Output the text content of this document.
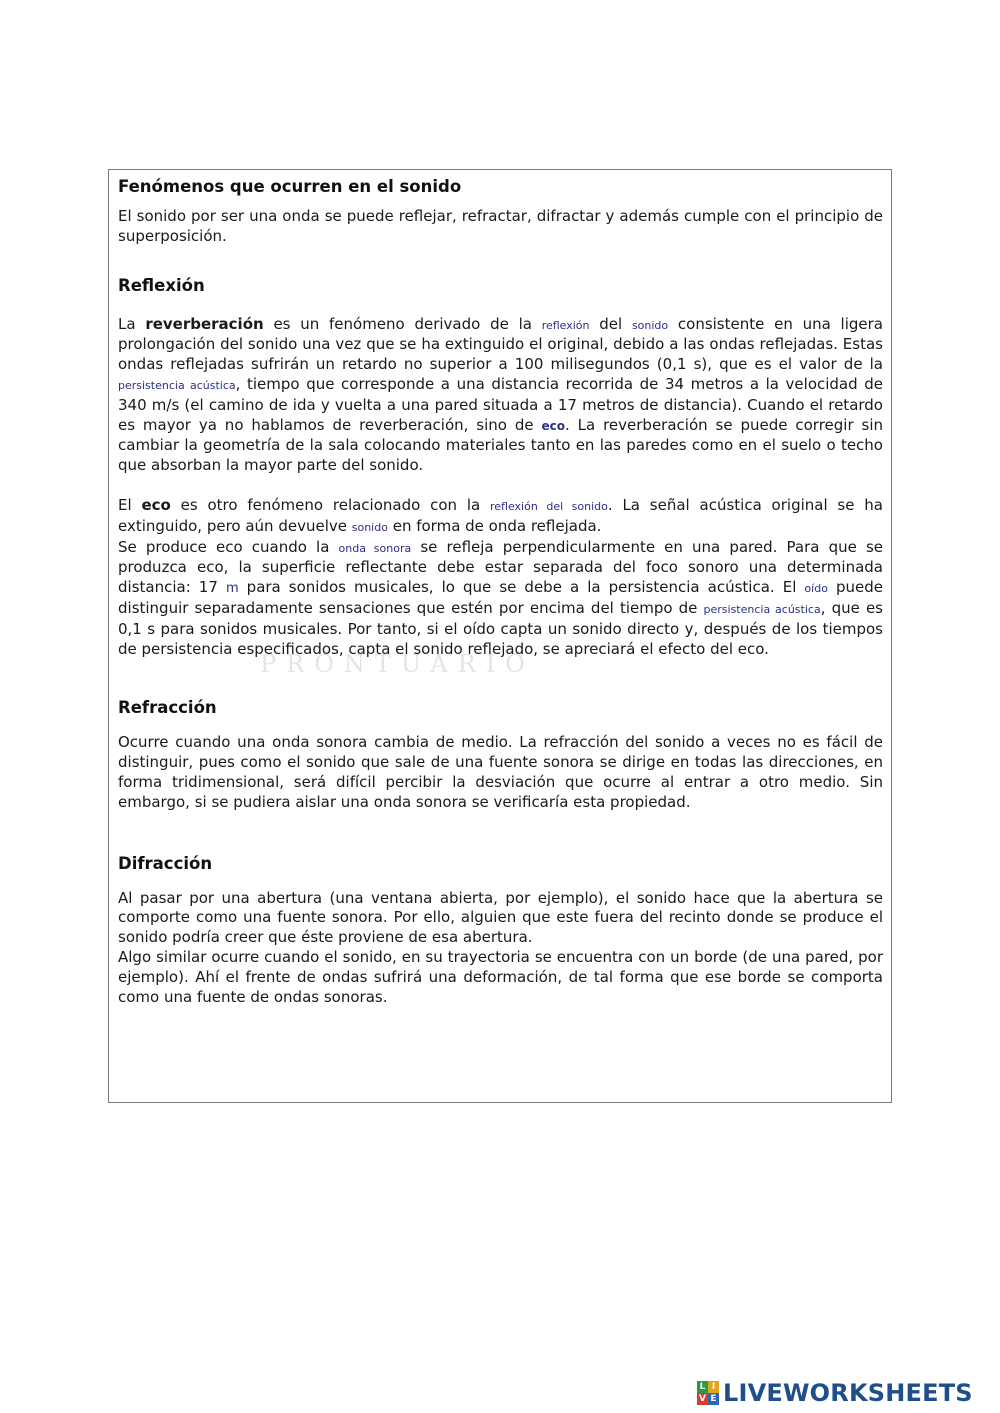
Fenómenos que ocurren en el sonido

El sonido por ser una onda se puede reflejar, refractar, difractar y además cumple con el principio de superposición.

Reflexión

La reverberación es un fenómeno derivado de la reflexión del sonido consistente en una ligera prolongación del sonido una vez que se ha extinguido el original, debido a las ondas reflejadas. Estas ondas reflejadas sufrirán un retardo no superior a 100 milisegundos (0,1 s), que es el valor de la persistencia acústica, tiempo que corresponde a una distancia recorrida de 34 metros a la velocidad de 340 m/s (el camino de ida y vuelta a una pared situada a 17 metros de distancia). Cuando el retardo es mayor ya no hablamos de reverberación, sino de eco. La reverberación se puede corregir sin cambiar la geometría de la sala colocando materiales tanto en las paredes como en el suelo o techo que absorban la mayor parte del sonido.

El eco es otro fenómeno relacionado con la reflexión del sonido. La señal acústica original se ha extinguido, pero aún devuelve sonido en forma de onda reflejada.

Se produce eco cuando la onda sonora se refleja perpendicularmente en una pared. Para que se produzca eco, la superficie reflectante debe estar separada del foco sonoro una determinada distancia: 17 m para sonidos musicales, lo que se debe a la persistencia acústica. El oído puede distinguir separadamente sensaciones que estén por encima del tiempo de persistencia acústica, que es 0,1 s para sonidos musicales. Por tanto, si el oído capta un sonido directo y, después de los tiempos de persistencia especificados, capta el sonido reflejado, se apreciará el efecto del eco.

Refracción

Ocurre cuando una onda sonora cambia de medio. La refracción del sonido a veces no es fácil de distinguir, pues como el sonido que sale de una fuente sonora se dirige en todas las direcciones, en forma tridimensional, será difícil percibir la desviación que ocurre al entrar a otro medio. Sin embargo, si se pudiera aislar una onda sonora se verificaría esta propiedad.

Difracción

Al pasar por una abertura (una ventana abierta, por ejemplo), el sonido hace que la abertura se comporte como una fuente sonora. Por ello, alguien que este fuera del recinto donde se produce el sonido podría creer que éste proviene de esa abertura.

Algo similar ocurre cuando el sonido, en su trayectoria se encuentra con un borde (de una pared, por ejemplo). Ahí el frente de ondas sufrirá una deformación, de tal forma que ese borde se comporta como una fuente de ondas sonoras.

PRONTUARIO
L I
V E LIVEWORKSHEETS
